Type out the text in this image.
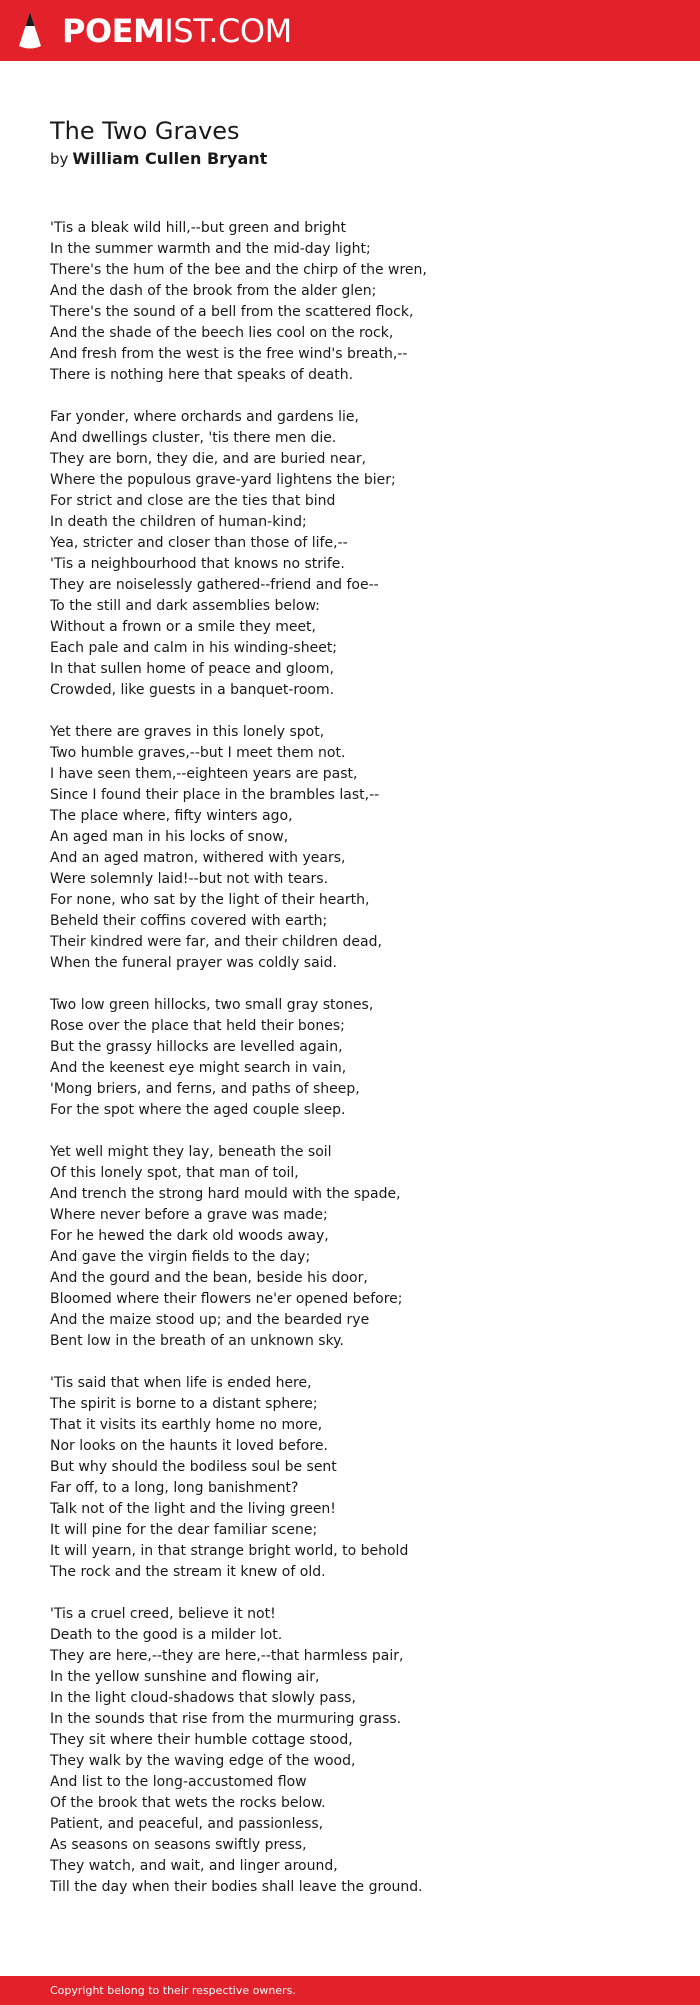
POEMIST.COM
The Two Graves
by William Cullen Bryant
'Tis a bleak wild hill,--but green and bright
In the summer warmth and the mid-day light;
There's the hum of the bee and the chirp of the wren,
And the dash of the brook from the alder glen;
There's the sound of a bell from the scattered flock,
And the shade of the beech lies cool on the rock,
And fresh from the west is the free wind's breath,--
There is nothing here that speaks of death.
Far yonder, where orchards and gardens lie,
And dwellings cluster, 'tis there men die.
They are born, they die, and are buried near,
Where the populous grave-yard lightens the bier;
For strict and close are the ties that bind
In death the children of human-kind;
Yea, stricter and closer than those of life,--
'Tis a neighbourhood that knows no strife.
They are noiselessly gathered--friend and foe--
To the still and dark assemblies below:
Without a frown or a smile they meet,
Each pale and calm in his winding-sheet;
In that sullen home of peace and gloom,
Crowded, like guests in a banquet-room.
Yet there are graves in this lonely spot,
Two humble graves,--but I meet them not.
I have seen them,--eighteen years are past,
Since I found their place in the brambles last,--
The place where, fifty winters ago,
An aged man in his locks of snow,
And an aged matron, withered with years,
Were solemnly laid!--but not with tears.
For none, who sat by the light of their hearth,
Beheld their coffins covered with earth;
Their kindred were far, and their children dead,
When the funeral prayer was coldly said.
Two low green hillocks, two small gray stones,
Rose over the place that held their bones;
But the grassy hillocks are levelled again,
And the keenest eye might search in vain,
'Mong briers, and ferns, and paths of sheep,
For the spot where the aged couple sleep.
Yet well might they lay, beneath the soil
Of this lonely spot, that man of toil,
And trench the strong hard mould with the spade,
Where never before a grave was made;
For he hewed the dark old woods away,
And gave the virgin fields to the day;
And the gourd and the bean, beside his door,
Bloomed where their flowers ne'er opened before;
And the maize stood up; and the bearded rye
Bent low in the breath of an unknown sky.
'Tis said that when life is ended here,
The spirit is borne to a distant sphere;
That it visits its earthly home no more,
Nor looks on the haunts it loved before.
But why should the bodiless soul be sent
Far off, to a long, long banishment?
Talk not of the light and the living green!
It will pine for the dear familiar scene;
It will yearn, in that strange bright world, to behold
The rock and the stream it knew of old.
'Tis a cruel creed, believe it not!
Death to the good is a milder lot.
They are here,--they are here,--that harmless pair,
In the yellow sunshine and flowing air,
In the light cloud-shadows that slowly pass,
In the sounds that rise from the murmuring grass.
They sit where their humble cottage stood,
They walk by the waving edge of the wood,
And list to the long-accustomed flow
Of the brook that wets the rocks below.
Patient, and peaceful, and passionless,
As seasons on seasons swiftly press,
They watch, and wait, and linger around,
Till the day when their bodies shall leave the ground.
Copyright belong to their respective owners.
